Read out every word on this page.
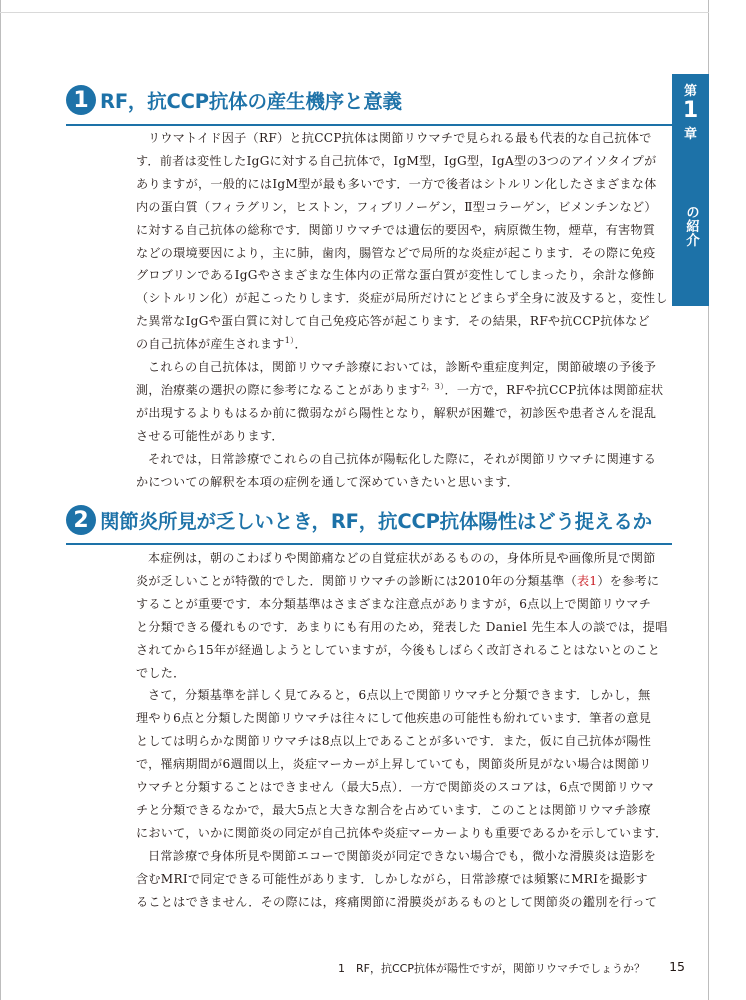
第
1
章
自己抗体などの異常からの紹介
1 RF，抗CCP抗体の産生機序と意義
リウマトイド因子（RF）と抗CCP抗体は関節リウマチで見られる最も代表的な自己抗体で
す．前者は変性したIgGに対する自己抗体で，IgM型，IgG型，IgA型の3つのアイソタイプが
ありますが，一般的にはIgM型が最も多いです．一方で後者はシトルリン化したさまざまな体
内の蛋白質（フィラグリン，ヒストン，フィブリノーゲン，Ⅱ型コラーゲン，ビメンチンなど）
に対する自己抗体の総称です．関節リウマチでは遺伝的要因や，病原微生物，煙草，有害物質
などの環境要因により，主に肺，歯肉，腸管などで局所的な炎症が起こります．その際に免疫
グロブリンであるIgGやさまざまな生体内の正常な蛋白質が変性してしまったり，余計な修飾
（シトルリン化）が起こったりします．炎症が局所だけにとどまらず全身に波及すると，変性し
た異常なIgGや蛋白質に対して自己免疫応答が起こります．その結果，RFや抗CCP抗体など
の自己抗体が産生されます$^{1)}$．
これらの自己抗体は，関節リウマチ診療においては，診断や重症度判定，関節破壊の予後予
測，治療薬の選択の際に参考になることがあります$^{2,3)}$．一方で，RFや抗CCP抗体は関節症状
が出現するよりもはるか前に微弱ながら陽性となり，解釈が困難で，初診医や患者さんを混乱
させる可能性があります．
それでは，日常診療でこれらの自己抗体が陽転化した際に，それが関節リウマチに関連する
かについての解釈を本項の症例を通して深めていきたいと思います．
2 関節炎所見が乏しいとき，RF，抗CCP抗体陽性はどう捉えるか
本症例は，朝のこわばりや関節痛などの自覚症状があるものの，身体所見や画像所見で関節
炎が乏しいことが特徴的でした．関節リウマチの診断には2010年の分類基準（表1）を参考に
することが重要です．本分類基準はさまざまな注意点がありますが，6点以上で関節リウマチ
と分類できる優れものです．あまりにも有用のため，発表した Daniel 先生本人の談では，提唱
されてから15年が経過しようとしていますが，今後もしばらく改訂されることはないとのこと
でした．
さて，分類基準を詳しく見てみると，6点以上で関節リウマチと分類できます．しかし，無
理やり6点と分類した関節リウマチは往々にして他疾患の可能性も紛れています．筆者の意見
としては明らかな関節リウマチは8点以上であることが多いです．また，仮に自己抗体が陽性
で，罹病期間が6週間以上，炎症マーカーが上昇していても，関節炎所見がない場合は関節リ
ウマチと分類することはできません（最大5点）．一方で関節炎のスコアは，6点で関節リウマ
チと分類できるなかで，最大5点と大きな割合を占めています．このことは関節リウマチ診療
において，いかに関節炎の同定が自己抗体や炎症マーカーよりも重要であるかを示しています．
日常診療で身体所見や関節エコーで関節炎が同定できない場合でも，微小な滑膜炎は造影を
含むMRIで同定できる可能性があります．しかしながら，日常診療では頻繁にMRIを撮影す
ることはできません．その際には，疼痛関節に滑膜炎があるものとして関節炎の鑑別を行って
1　RF，抗CCP抗体が陽性ですが，関節リウマチでしょうか？ 15
